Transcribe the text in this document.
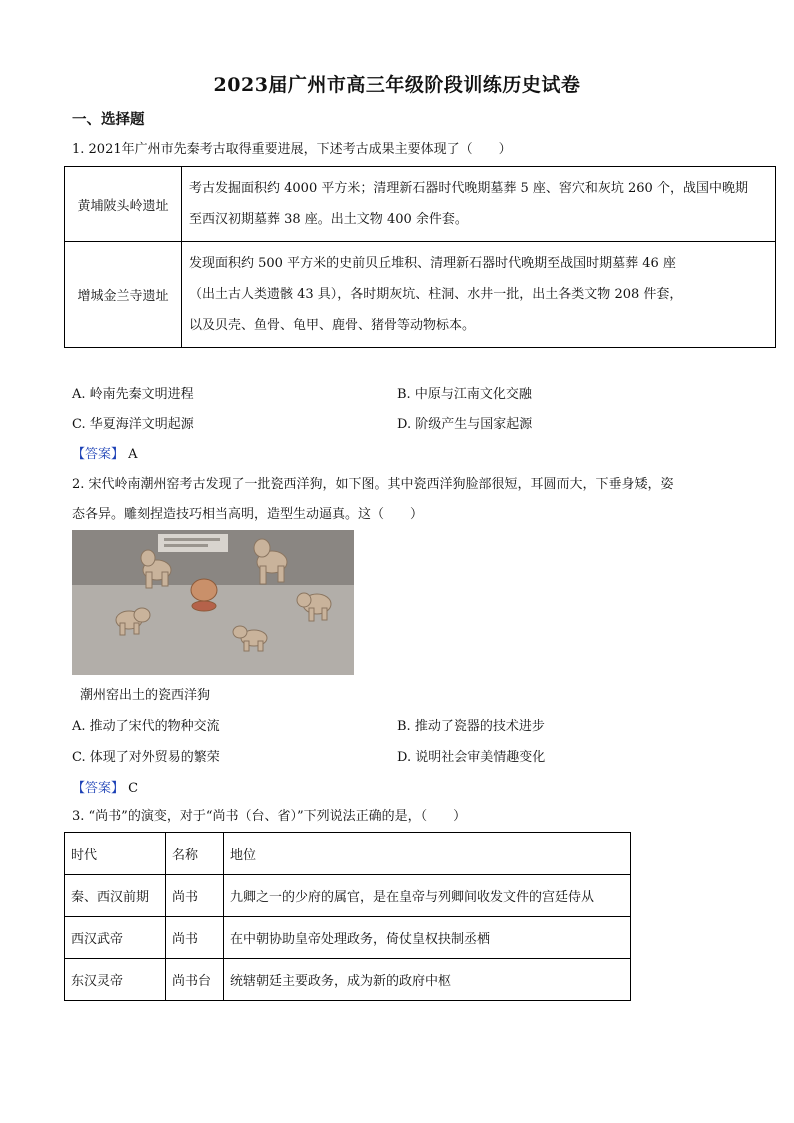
2023届广州市高三年级阶段训练历史试卷
一、选择题
1. 2021年广州市先秦考古取得重要进展，下述考古成果主要体现了（　　）
黄埔陂头岭遗址	考古发掘面积约 4000 平方米；清理新石器时代晚期墓葬 5 座、窖穴和灰坑 260 个，战国中晚期
至西汉初期墓葬 38 座。出土文物 400 余件套。

增城金兰寺遗址	发现面积约 500 平方米的史前贝丘堆积、清理新石器时代晚期至战国时期墓葬 46 座
（出土古人类遗骸 43 具），各时期灰坑、柱洞、水井一批，出土各类文物 208 件套，
以及贝壳、鱼骨、龟甲、鹿骨、猪骨等动物标本。
A. 岭南先秦文明进程	B. 中原与江南文化交融
C. 华夏海洋文明起源	D. 阶级产生与国家起源
【答案】 A
2. 宋代岭南潮州窑考古发现了一批瓷西洋狗，如下图。其中瓷西洋狗脸部很短，耳圆而大，下垂身矮，姿
态各异。雕刻捏造技巧相当高明，造型生动逼真。这（　　）
潮州窑出土的瓷西洋狗
A. 推动了宋代的物种交流	B. 推动了瓷器的技术进步
C. 体现了对外贸易的繁荣	D. 说明社会审美情趣变化
【答案】 C
3. “尚书”的演变，对于“尚书（台、省）”下列说法正确的是，（　　）
时代	名称	地位
秦、西汉前期	尚书	九卿之一的少府的属官，是在皇帝与列卿间收发文件的宫廷侍从
西汉武帝	尚书	在中朝协助皇帝处理政务，倚仗皇权抉制丞栖
东汉灵帝	尚书台	统辖朝廷主要政务，成为新的政府中枢
